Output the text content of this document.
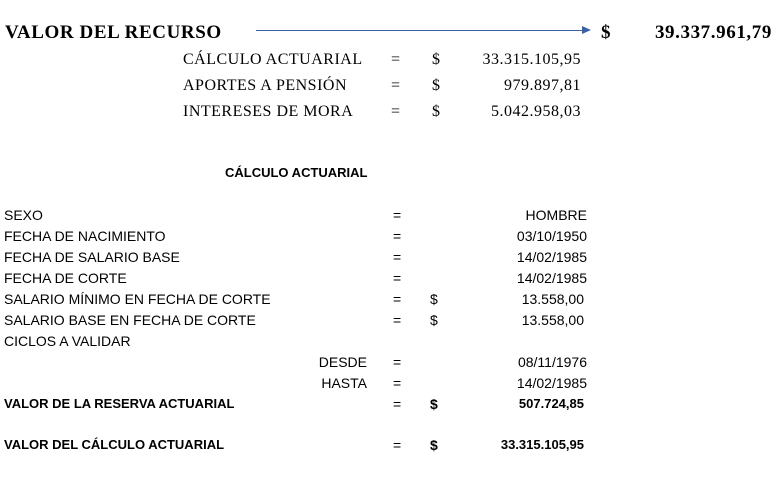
VALOR DEL RECURSO	$	39.337.961,79
CÁLCULO ACTUARIAL = $	33.315.105,95
APORTES A PENSIÓN	= $	979.897,81
INTERESES DE MORA = $	5.042.958,03
CÁLCULO ACTUARIAL
SEXO	=	HOMBRE
FECHA DE NACIMIENTO	=	03/10/1950
FECHA DE SALARIO BASE	=	14/02/1985
FECHA DE CORTE	=	14/02/1985
SALARIO MÍNIMO EN FECHA DE CORTE	= $	13.558,00
SALARIO BASE EN FECHA DE CORTE	= $	13.558,00
CICLOS A VALIDAR
DESDE =	08/11/1976
HASTA =	14/02/1985
VALOR DE LA RESERVA ACTUARIAL	= $	507.724,85
VALOR DEL CÁLCULO ACTUARIAL	= $	33.315.105,95
